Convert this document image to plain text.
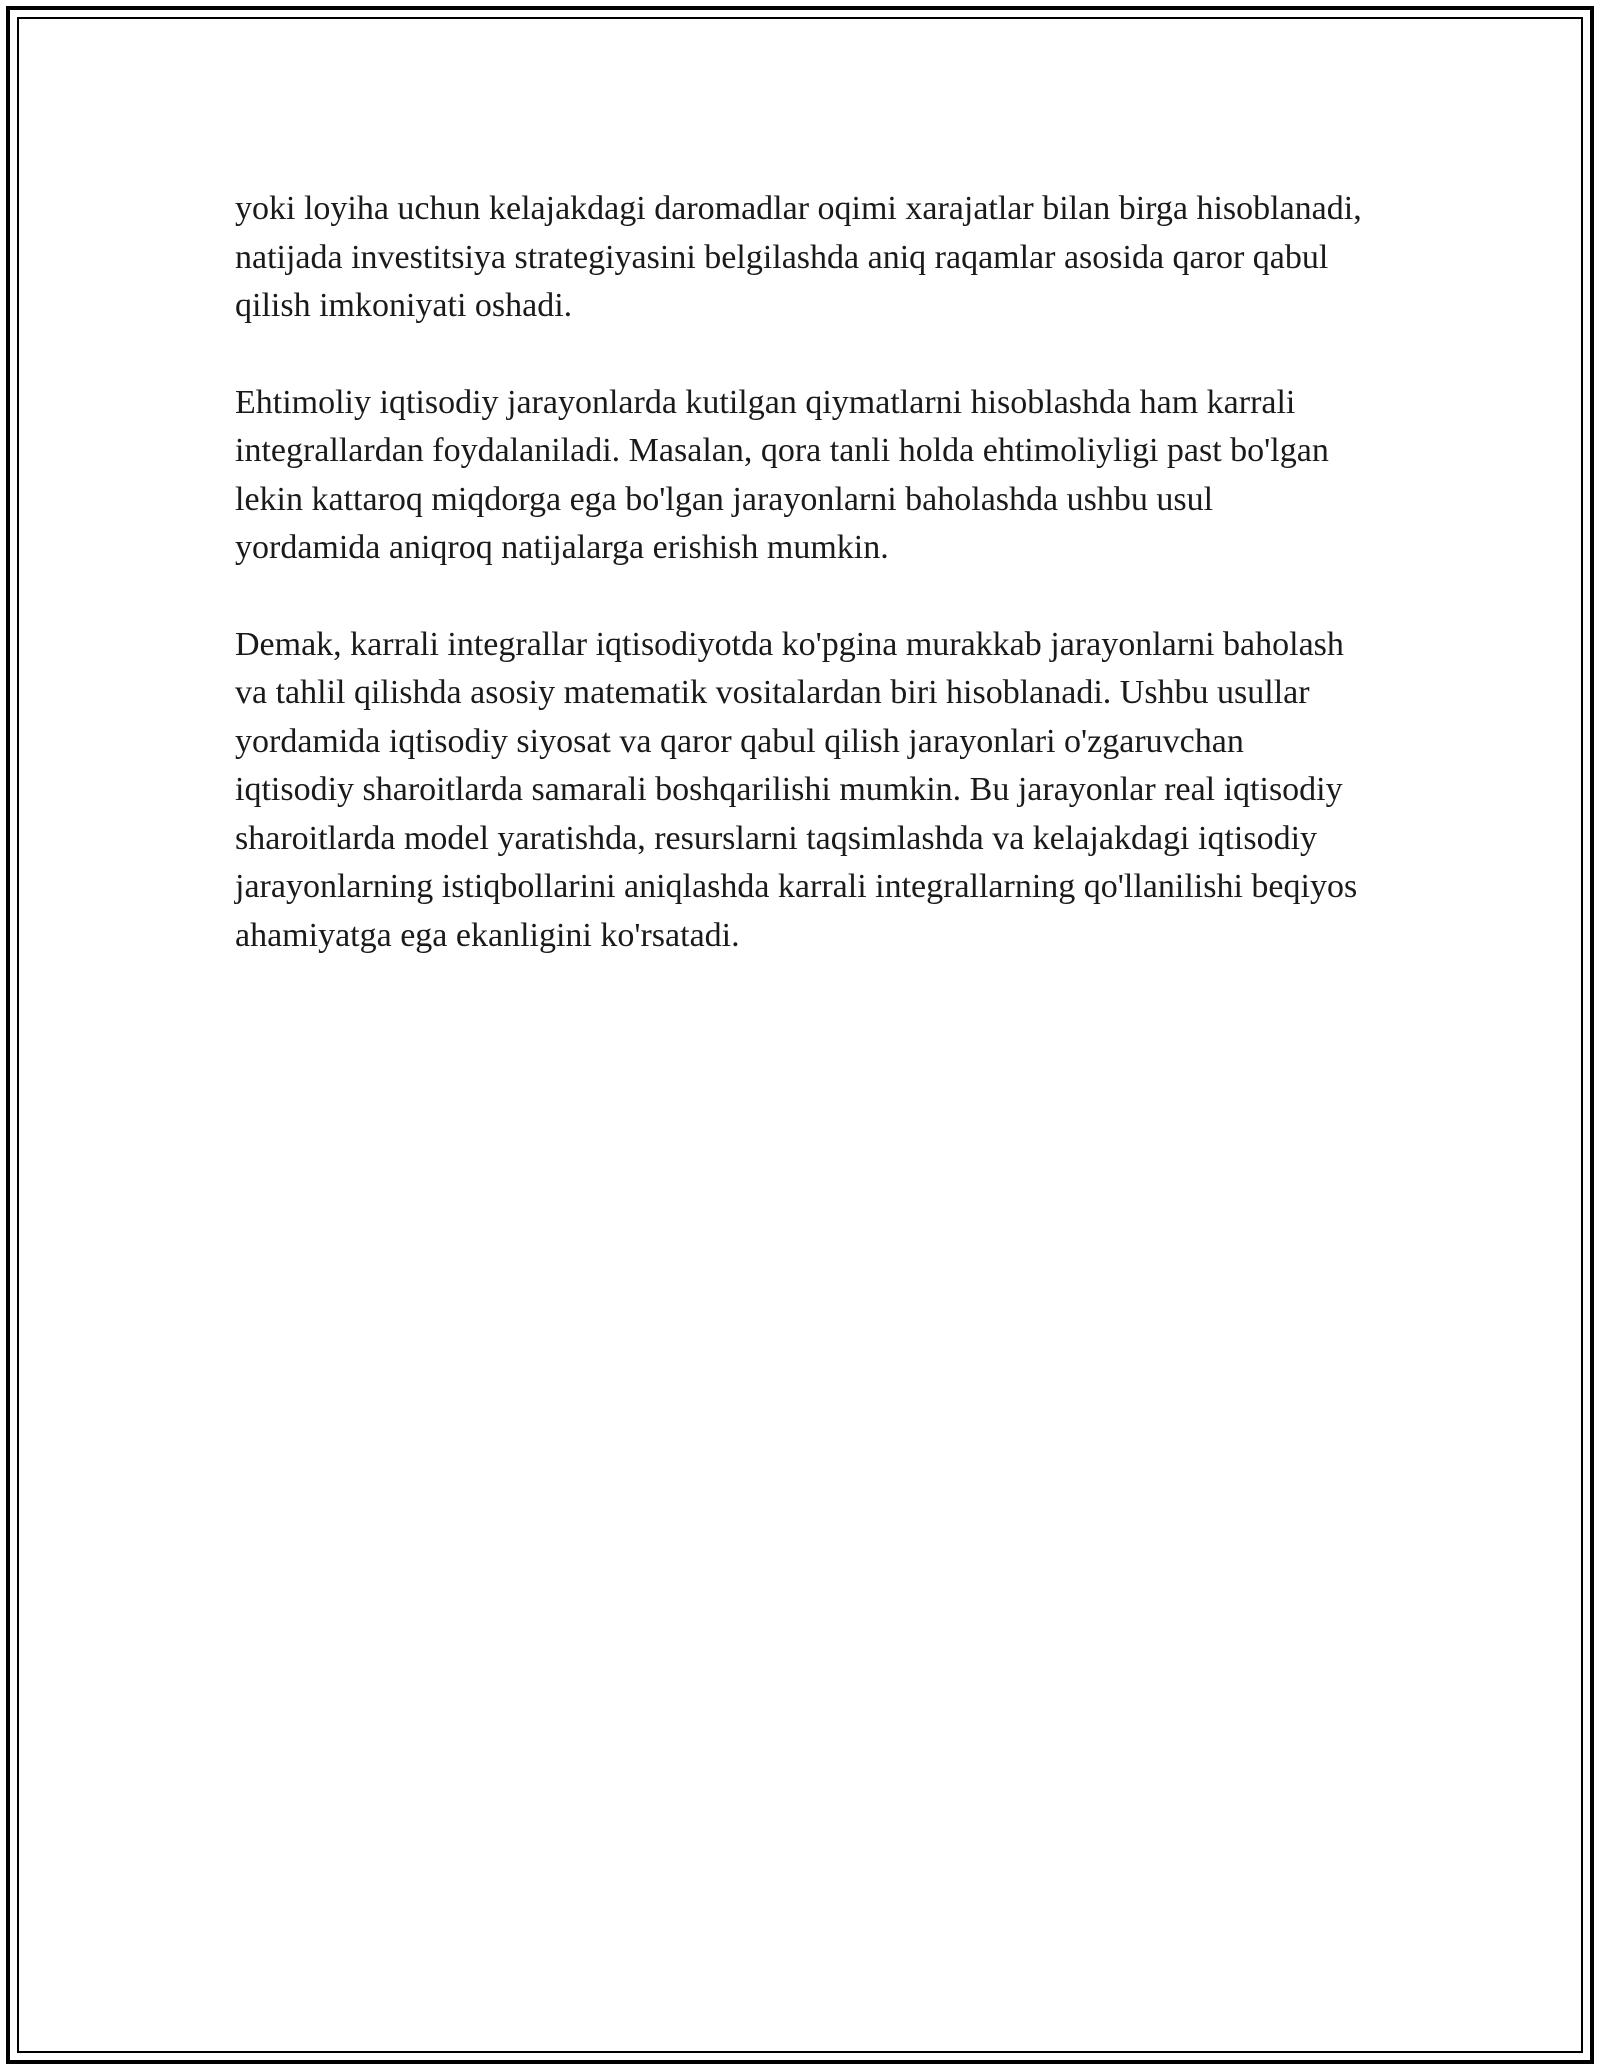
yoki loyiha uchun kelajakdagi daromadlar oqimi xarajatlar bilan birga hisoblanadi, natijada investitsiya strategiyasini belgilashda aniq raqamlar asosida qaror qabul qilish imkoniyati oshadi.

Ehtimoliy iqtisodiy jarayonlarda kutilgan qiymatlarni hisoblashda ham karrali integrallardan foydalaniladi. Masalan, qora tanli holda ehtimoliyligi past bo'lgan lekin kattaroq miqdorga ega bo'lgan jarayonlarni baholashda ushbu usul yordamida aniqroq natijalarga erishish mumkin.

Demak, karrali integrallar iqtisodiyotda ko'pgina murakkab jarayonlarni baholash va tahlil qilishda asosiy matematik vositalardan biri hisoblanadi. Ushbu usullar yordamida iqtisodiy siyosat va qaror qabul qilish jarayonlari o'zgaruvchan iqtisodiy sharoitlarda samarali boshqarilishi mumkin. Bu jarayonlar real iqtisodiy sharoitlarda model yaratishda, resurslarni taqsimlashda va kelajakdagi iqtisodiy jarayonlarning istiqbollarini aniqlashda karrali integrallarning qo'llanilishi beqiyos ahamiyatga ega ekanligini ko'rsatadi.
